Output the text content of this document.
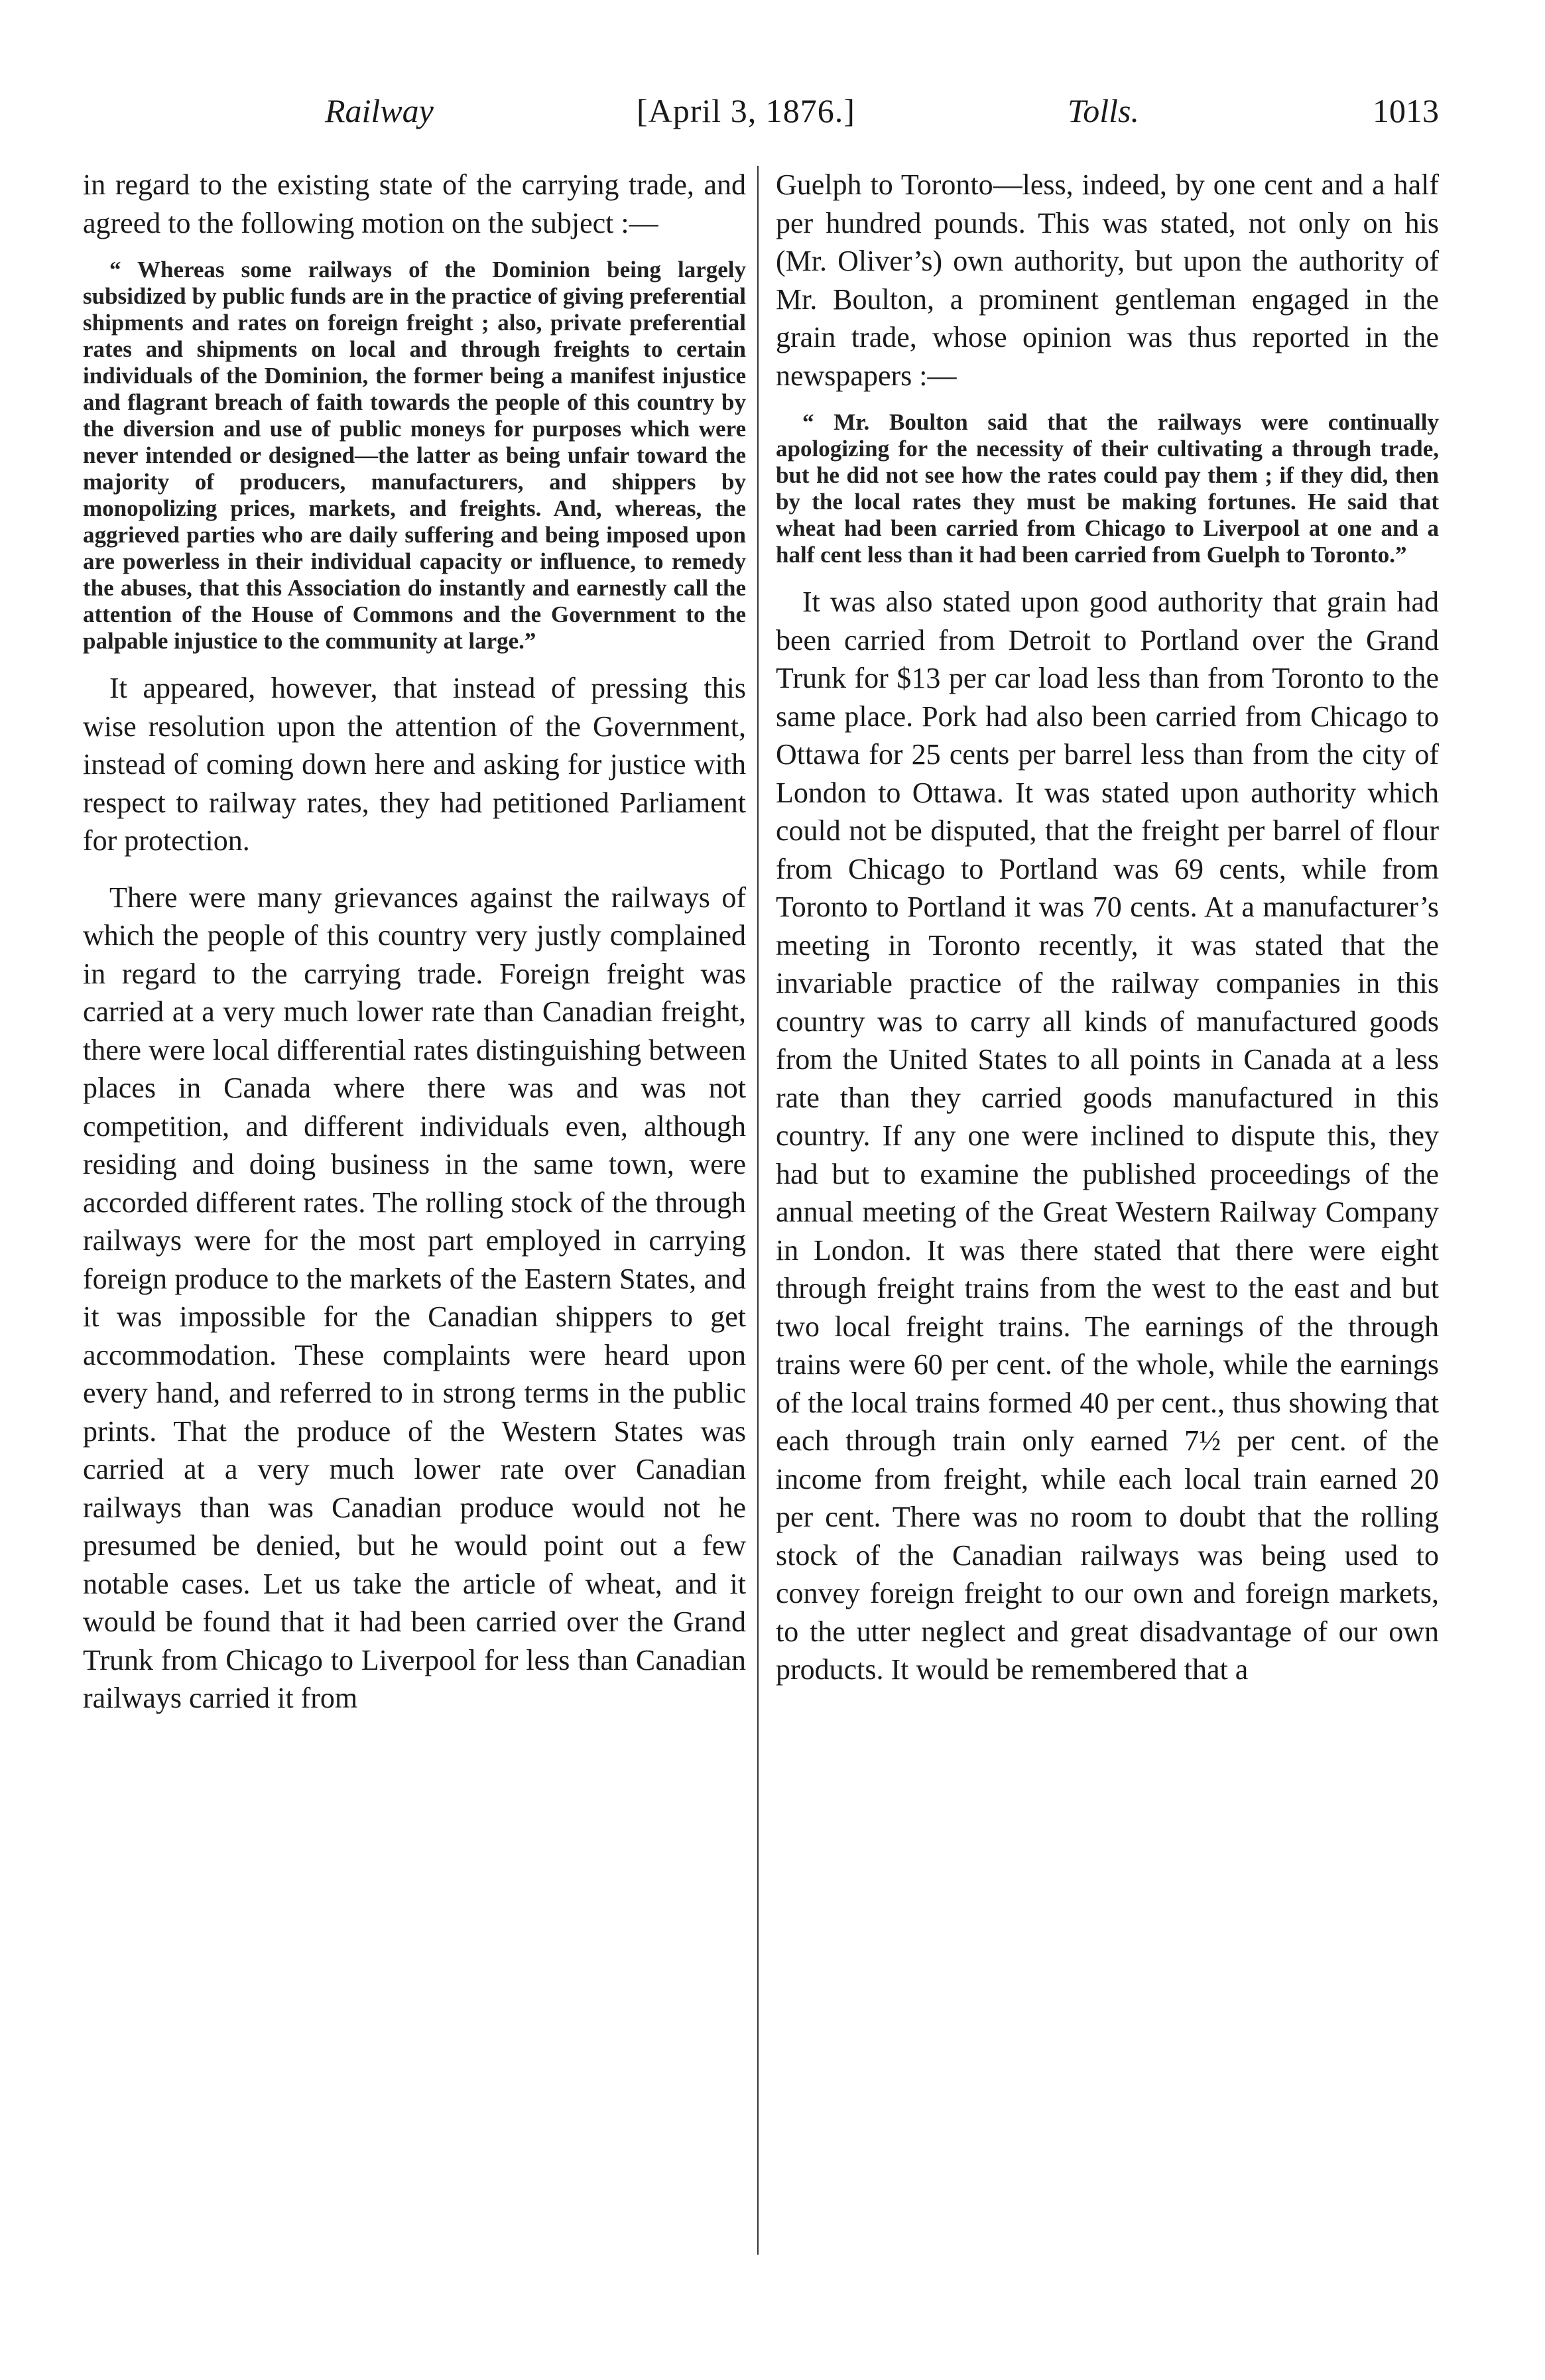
Railway	[April 3, 1876.]	Tolls.	1013

in regard to the existing state of the carrying trade, and agreed to the following motion on the subject :—

“ Whereas some railways of the Dominion being largely subsidized by public funds are in the practice of giving preferential shipments and rates on foreign freight ; also, private preferential rates and shipments on local and through freights to certain individuals of the Dominion, the former being a manifest injustice and flagrant breach of faith towards the people of this country by the diversion and use of public moneys for purposes which were never intended or designed—the latter as being unfair toward the majority of producers, manufacturers, and shippers by monopolizing prices, markets, and freights. And, whereas, the aggrieved parties who are daily suffering and being imposed upon are powerless in their individual capacity or influence, to remedy the abuses, that this Association do instantly and earnestly call the attention of the House of Commons and the Government to the palpable injustice to the community at large.”

It appeared, however, that instead of pressing this wise resolution upon the attention of the Government, instead of coming down here and asking for justice with respect to railway rates, they had petitioned Parliament for protection.

There were many grievances against the railways of which the people of this country very justly complained in regard to the carrying trade. Foreign freight was carried at a very much lower rate than Canadian freight, there were local differential rates distinguishing between places in Canada where there was and was not competition, and different individuals even, although residing and doing business in the same town, were accorded different rates. The rolling stock of the through railways were for the most part employed in carrying foreign produce to the markets of the Eastern States, and it was impossible for the Canadian shippers to get accommodation. These complaints were heard upon every hand, and referred to in strong terms in the public prints. That the produce of the Western States was carried at a very much lower rate over Canadian railways than was Canadian produce would not he presumed be denied, but he would point out a few notable cases. Let us take the article of wheat, and it would be found that it had been carried over the Grand Trunk from Chicago to Liverpool for less than Canadian railways carried it from

Guelph to Toronto—less, indeed, by one cent and a half per hundred pounds. This was stated, not only on his (Mr. Oliver’s) own authority, but upon the authority of Mr. Boulton, a prominent gentleman engaged in the grain trade, whose opinion was thus reported in the newspapers :—

“ Mr. Boulton said that the railways were continually apologizing for the necessity of their cultivating a through trade, but he did not see how the rates could pay them ; if they did, then by the local rates they must be making fortunes. He said that wheat had been carried from Chicago to Liverpool at one and a half cent less than it had been carried from Guelph to Toronto.”

It was also stated upon good authority that grain had been carried from Detroit to Portland over the Grand Trunk for $13 per car load less than from Toronto to the same place. Pork had also been carried from Chicago to Ottawa for 25 cents per barrel less than from the city of London to Ottawa. It was stated upon authority which could not be disputed, that the freight per barrel of flour from Chicago to Portland was 69 cents, while from Toronto to Portland it was 70 cents. At a manufacturer’s meeting in Toronto recently, it was stated that the invariable practice of the railway companies in this country was to carry all kinds of manufactured goods from the United States to all points in Canada at a less rate than they carried goods manufactured in this country. If any one were inclined to dispute this, they had but to examine the published proceedings of the annual meeting of the Great Western Railway Company in London. It was there stated that there were eight through freight trains from the west to the east and but two local freight trains. The earnings of the through trains were 60 per cent. of the whole, while the earnings of the local trains formed 40 per cent., thus showing that each through train only earned 7½ per cent. of the income from freight, while each local train earned 20 per cent. There was no room to doubt that the rolling stock of the Canadian railways was being used to convey foreign freight to our own and foreign markets, to the utter neglect and great disadvantage of our own products. It would be remembered that a
